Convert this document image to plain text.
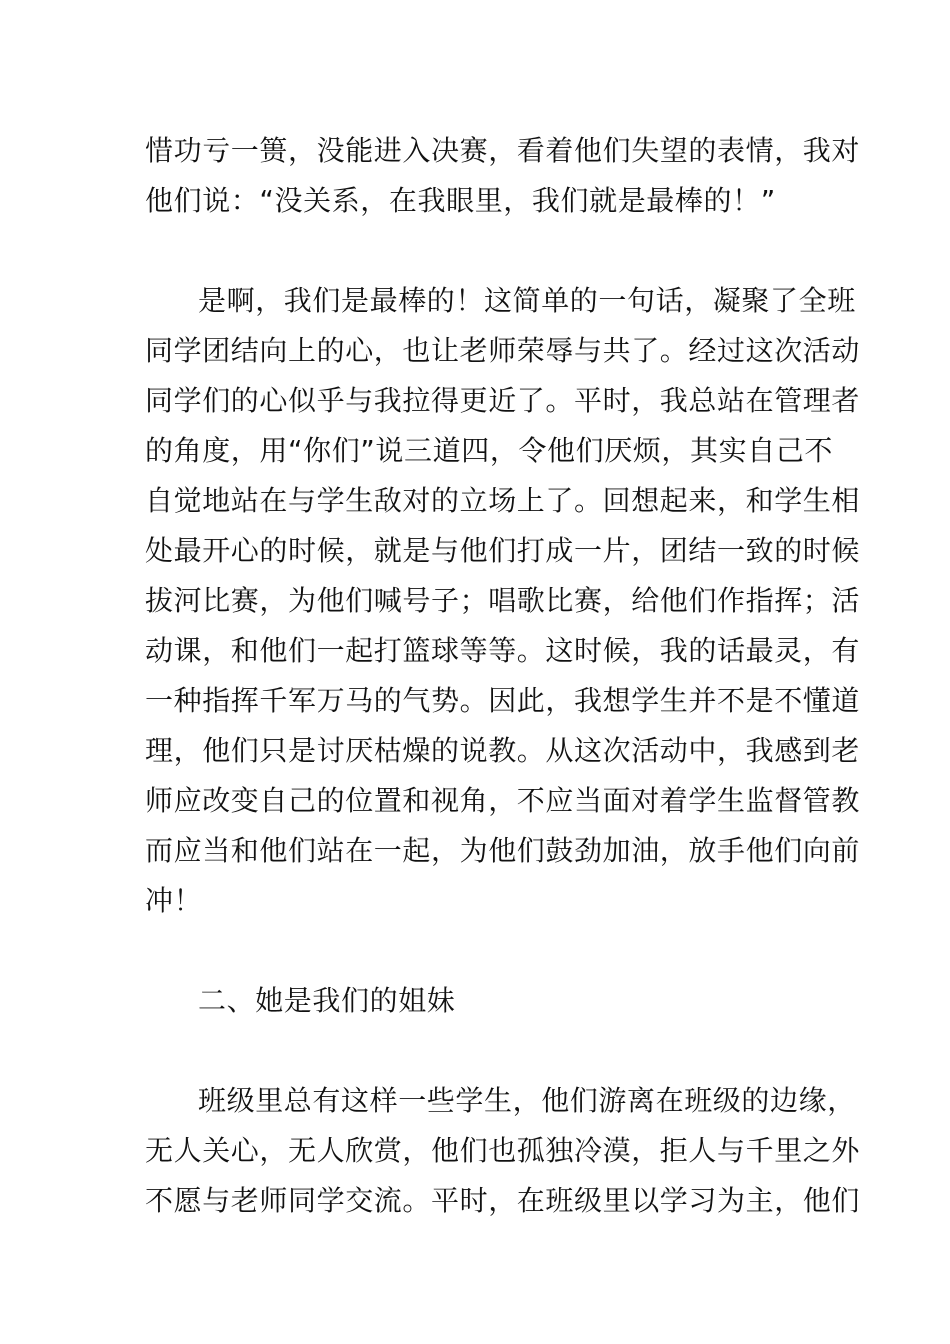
惜功亏一篑，没能进入决赛，看着他们失望的表情，我对
他们说：“没关系，在我眼里，我们就是最棒的！”
是啊，我们是最棒的！这简单的一句话，凝聚了全班
同学团结向上的心，也让老师荣辱与共了。经过这次活动
同学们的心似乎与我拉得更近了。平时，我总站在管理者
的角度，用“你们”说三道四，令他们厌烦，其实自己不
自觉地站在与学生敌对的立场上了。回想起来，和学生相
处最开心的时候，就是与他们打成一片，团结一致的时候
拔河比赛，为他们喊号子；唱歌比赛，给他们作指挥；活
动课，和他们一起打篮球等等。这时候，我的话最灵，有
一种指挥千军万马的气势。因此，我想学生并不是不懂道
理，他们只是讨厌枯燥的说教。从这次活动中，我感到老
师应改变自己的位置和视角，不应当面对着学生监督管教
而应当和他们站在一起，为他们鼓劲加油，放手他们向前
冲！
二、她是我们的姐妹
班级里总有这样一些学生，他们游离在班级的边缘，
无人关心，无人欣赏，他们也孤独冷漠，拒人与千里之外
不愿与老师同学交流。平时，在班级里以学习为主，他们
